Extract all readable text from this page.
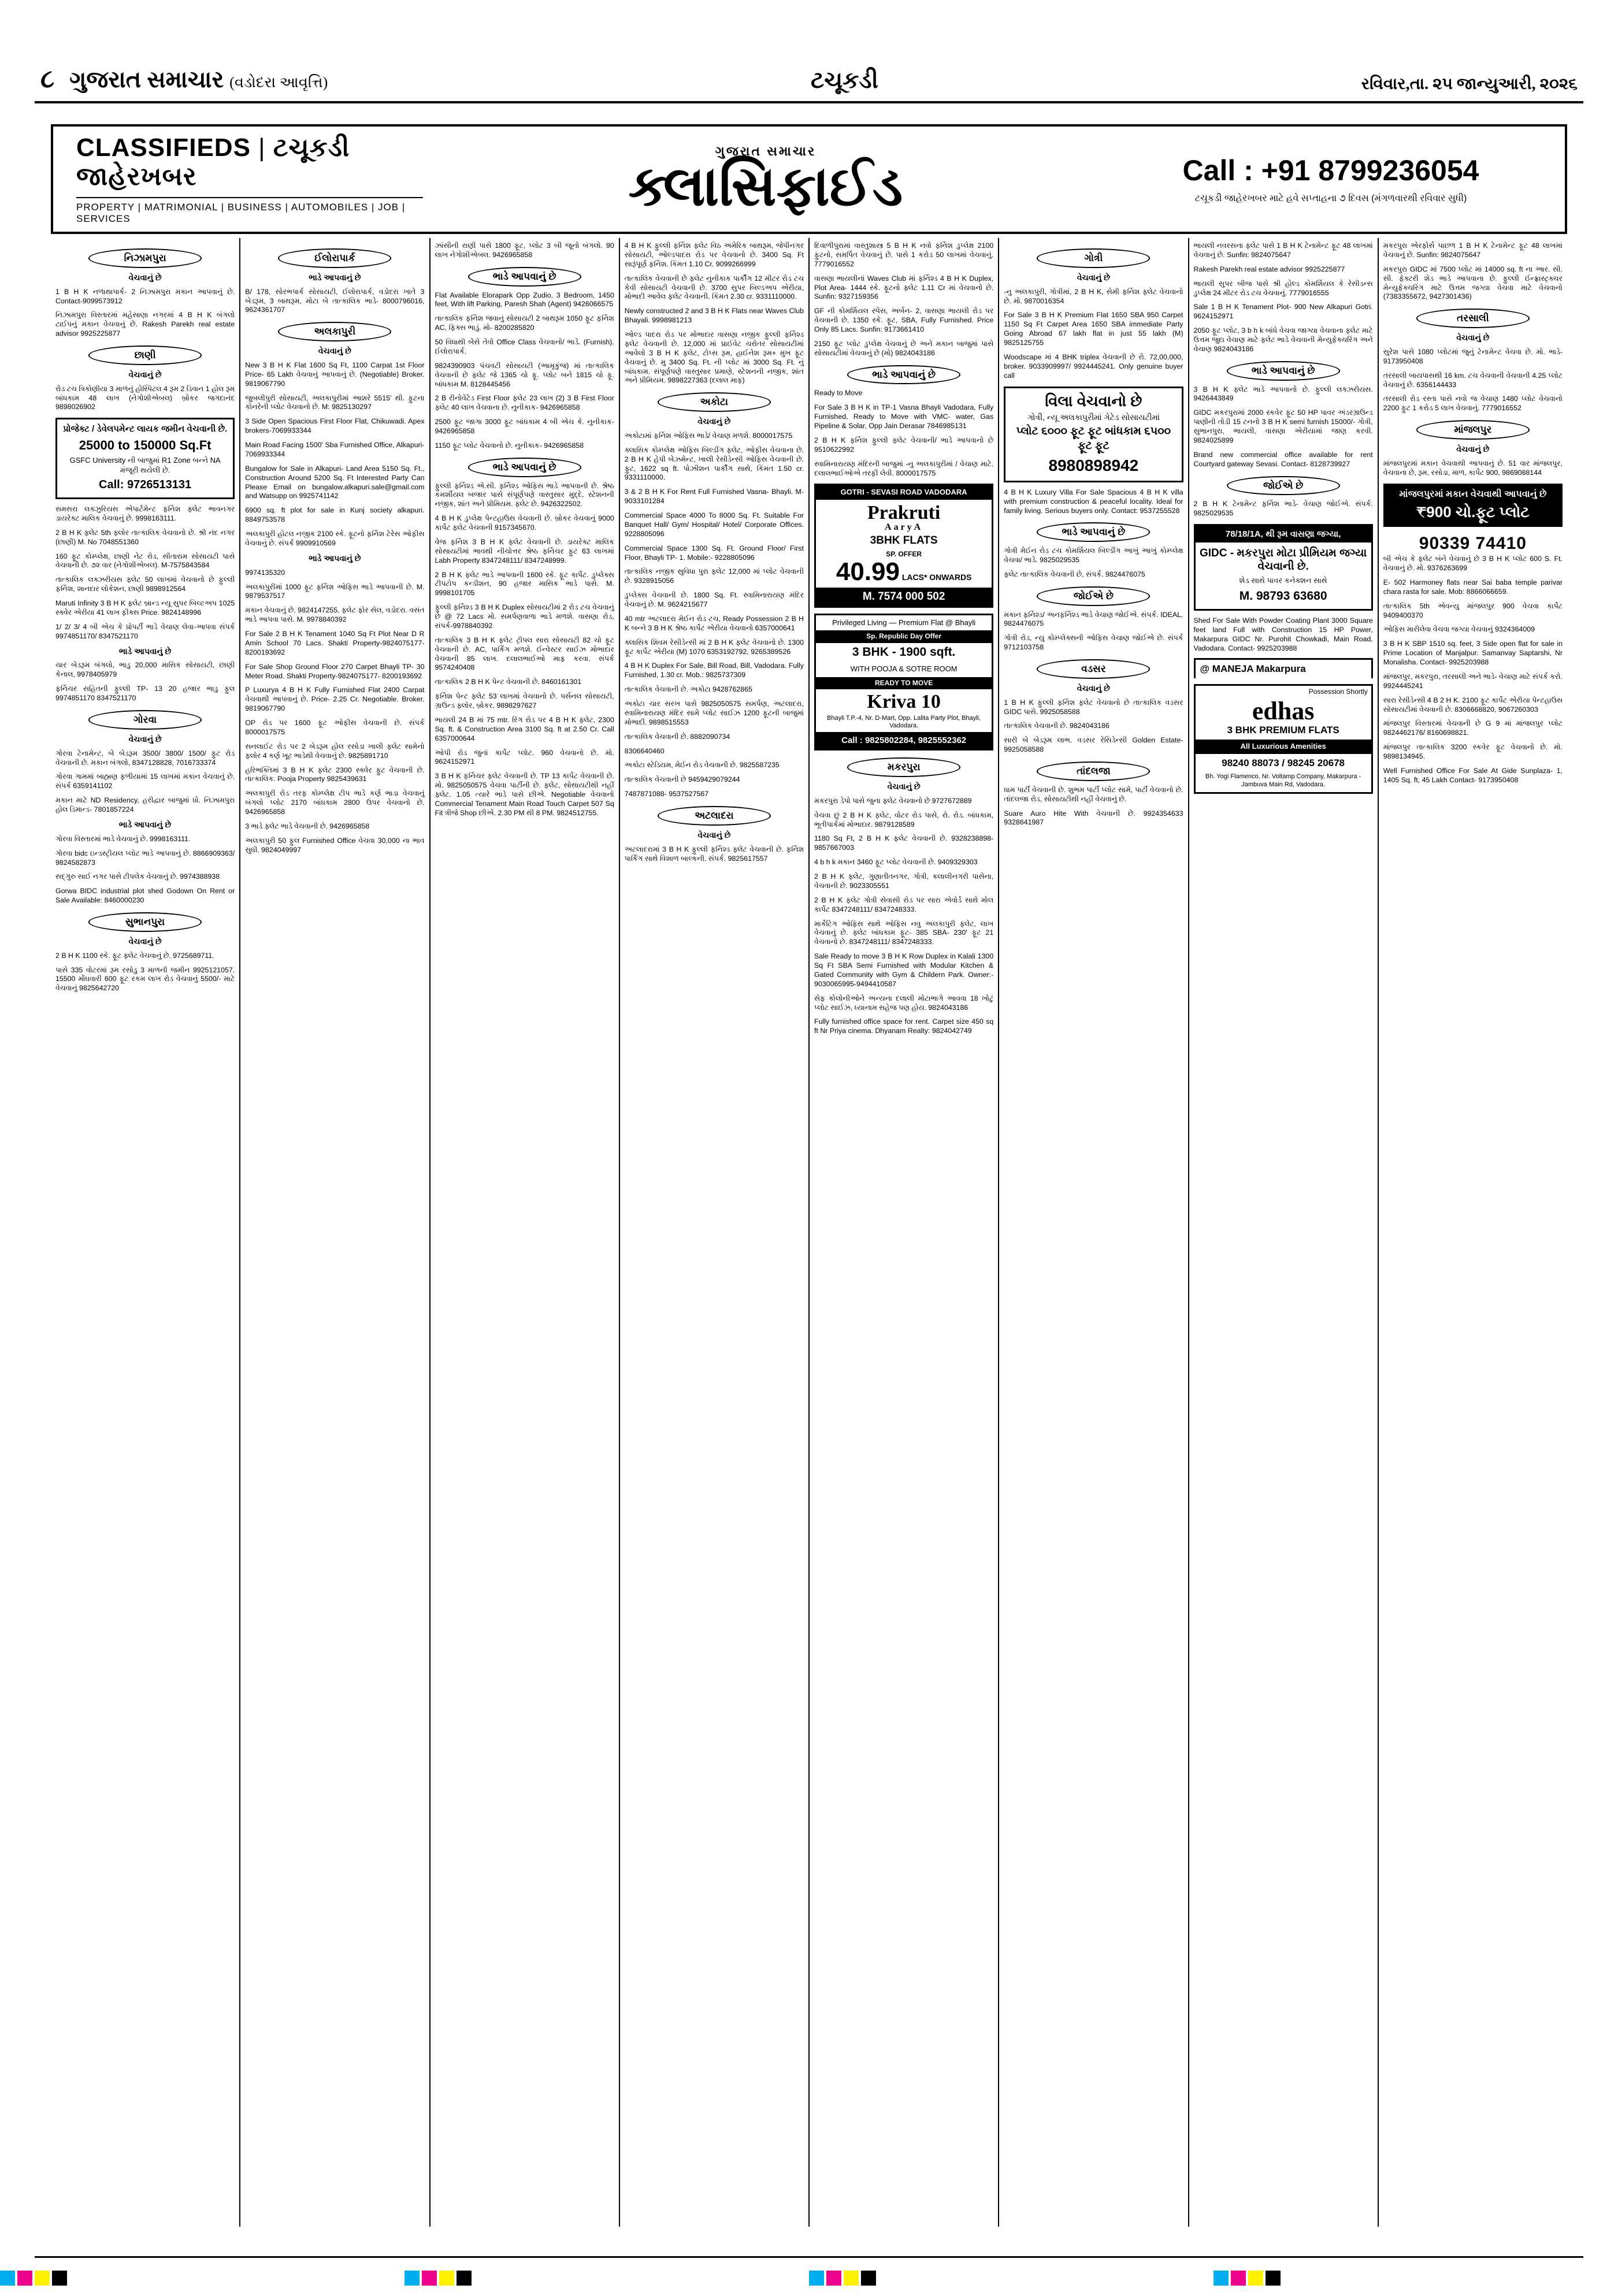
૮ ગુજરાત સમાચાર (વડોદરા આવૃત્તિ)	ટચૂકડી	રવિવાર,તા. ૨૫ જાન્યુઆરી, ૨૦૨૬
CLASSIFIEDS | ટચૂકડી જાહેરખબર
PROPERTY | MATRIMONIAL | BUSINESS | AUTOMOBILES | JOB | SERVICES
ગુજરાત સમાચાર
ક્લાસિફાઈડ	Call : +91 8799236054
ટચૂકડી જાહેરખબર માટે હવે સપ્તાહના ૭ દિવસ (મંગળવારથી રવિવાર સુધી)
નિઝામપુરા
વેચવાનું છે
1 B H K નળાથાપાર્ક- 2 નિઝામપુરા મકાન આપવાનું છે. Contact-9099573912
નિઝામપુરા વિસ્તારમાં મહેસાણા નગરમાં 4 B H K બંગલો ટાઈપનું મકાન વેચવાનું છે. Rakesh Parekh real estate advisor 9925225877
છાણી
વેચવાનું છે
રોડ ટચ ત્રિકોણીયા 3 માળનું હોસ્પિટલ 4 રૂમ 2 ડિવાન 1 હોલ રૂમ બાંધકામ 48 લાખ (નેગોશીએબલ) બ્રોકર જગદાનંદ 9898026902
પ્રોજેક્ટ / ડેવેલપમેન્ટ લાયક જમીન વેચવાની છે.
25000 to 150000 Sq.Ft
GSFC University ની બાજુમાં R1 Zone બન્ને NA મંજૂરી થયેલી છે.
Call: 9726513131
સમસરા લક્ઝુરિયસ એપાર્ટમેન્ટ ફર્નિશ ફ્લેટ ભાવનગર ડાયરેક્ટ માલિક વેચવાનું છે. 9998163111.
2 B H K ફ્લેટ 5th ફ્લોર તાત્કાલિક વેચવાનો છે. શ્રી નંદ નગર (છાણી) M. No 7048551360
160 ફૂટ કોમ્પ્લેક્ષ, છાણી નેટ રોડ, સીતારામ સોસાયટી પાસે વેચવાની છે. ૭૨ વાર (નેગોશીએબલ). M-7575843584
તાત્કાલિક લક્ઝરીયસ ફ્લેટ 50 લાખમાં વેચવાનો છે ફુલ્લી ફર્નિશ, શાનદાર લોકેશન, છાણી 9898912564
Maruti Infinity 3 B H K ફ્લેટ બ્રાન્ડ ન્યૂ સુપર બિલ્ટઅપ 1025 સ્ક્વેર એરીયા 41 લાખ ફીક્સ Price. 9824148996
1/ 2/ 3/ 4 બી એચ કે પ્રોપર્ટી ભાડે વેચાણ લેવા-આપવા સંપર્ક 9974851170/ 8347521170
ભાડે આપવાનું છે
ચાર બેડરૂમ બંગલો, ભાડુ 20,000 માસિક સોસાયટી, છાણી કેનાલ, 9978405979
ફર્નિચર સહિતની ફુલ્લી TP- 13 20 હજાર ભાડુ ફુલ 9974851170 8347521170
ગોરવા
વેચવાનું છે
ગોરવા ટેનામેન્ટ, બે બેડરૂમ 3500/ 3800/ 1500/ ફુટ રોડ વેચવાની છે. મકાન બંગલો, 8347128828, 7016733374
ગોરવા ગામમાં બાહ્મણ ફળીયામાં 15 લાખમાં મકાન વેચવાનું છે. સંપર્ક 6359141102
મકાન માટે ND Residency, હરીદ્વાર બાજુમાં ધો. નિઝામપુરા હોલ ડિમાન્ડ- 7801857224
ભાડે આપવાનું છે
ગોરવા વિસ્તારમાં ભાડે વેચવાનું છે. 9998163111.
ગોરવા bidc ઇન્ડસ્ટ્રીયલ પ્લોટ ભાડે આપવાનું છે. 8866909363/ 9824582873
સદ્ગુરુ સાઈ નગર પાસે ટીપલેક વેચવાનું છે. 9974388938
Gorwa BIDC industrial plot shed Godown On Rent or Sale Available: 8460000230
સુભાનપુરા
વેચવાનું છે
2 B H K 1100 સ્કે. ફૂટ ફ્લેટ વેચવાનું છે. 9725689711.
પાસે 335 વોટરમાં રૂમ રસોડુ 3 માળની જમીન 9925121057. 15500 મોંઘવારી 600 ફૂટ રકમ લાખ રોડ વેચવાનું 5500/- માટે વેચવાનું 9825642720
ઈલોરાપાર્ક
ભાડે આપવાનું છે
B/ 178, સોરભપાર્ક સોસાયટી, ઈલોરાપાર્ક, વડોદરા ખાતે 3 બેડરૂમ, 3 બાથરૂમ, મોટા બે તાત્કાલિક ભાડે- 8000796016, 9624361707
અલકાપુરી
વેચવાનું છે
New 3 B H K Flat 1600 Sq Ft, 1100 Carpat 1st Floor Price- 65 Lakh વેચવાનું આપવાનું છે. (Negotiable) Broker. 9819067790
જુબલીપુરી સોસાયટી, અલકાપુરીમાં આશરે 5515' થી. ફુટના કોનરેની પ્લોટ વેચવાનો છે. M: 9825130297
3 Side Open Spacious First Floor Flat, Chikuwadi. Apex brokers-7069933344
Main Road Facing 1500' Sba Furnished Office, Alkapuri- 7069933344
Bungalow for Sale in Alkapuri- Land Area 5150 Sq. Ft., Construction Around 5200 Sq. Ft Interested Party Can Please Email on bungalow.alkapuri.sale@gmail.com and Watsupp on 9925741142
6900 sq. ft plot for sale in Kunj society alkapuri. 8849753578
અલકાપુરી હોટલ નજીક 2100 સ્કે. ફૂટનો ફર્નિશ ટેરેસ ઓફીસ વેચવાનું છે. સંપર્ક 9909910569
ભાડે આપવાનું છે
9974135320
અલકાપુરીમાં 1000 ફૂટ ફર્નિશ ઓફિસ ભાડે આપવાની છે. M. 9879537517
મકાન વેચવાનું છે. 9824147255, ફ્લેટ ફોર સેલ, વડોદરા. વસંત ભાડે આપવા પાસે. M. 9978840392
For Sale 2 B H K Tenament 1040 Sq Ft Plot Near D R Amin School 70 Lacs. Shakti Property-9824075177- 8200193692
For Sale Shop Ground Floor 270 Carpet Bhayli TP- 30 Meter Road. Shakti Property-9824075177- 8200193692
P Luxurya 4 B H K Fully Furnished Flat 2400 Carpat વેચવાથી આપવાનું છે. Price- 2.25 Cr. Negotiable. Broker. 9819067790
OP રોડ પર 1600 ફૂટ ઓફીસ વેચવાની છે. સંપર્ક 8000017575
સનલાઈટ રોડ પર 2 બેડરૂમ હોલ રસોડા ખાલી ફ્લેટ સામેનો ફ્લોર 4 કર્ણ ખૂટ ભાડેથી વેચવાનું છે. 9825891710
હરિભક્તિમાં 3 B H K ફ્લેટ 2300 સ્ક્વેર ફુટ વેચવાની છે. તાત્કાલિક. Pooja Property 9825439631
અલકાપુરી રોડ તરફ કોમ્પ્લેક્ષ ટીપ ભાડે કર્ણ ભાડા વેચવાનું બંગલો પ્લોટ 2170 બાંધકામ 2800 ઉપર વેચવાનો છે. 9426965858
3 ભાડે ફ્લેટ ભાડે વેચવાની છે. 9426965858
અલકાપુરી 50 ફુલ Furnished Office વેચવા 30,000 ના ભાવ સુધી. 9824049997
ઝાંસીની રાણી પાસે 1800 ફૂટ, પ્લોટ 3 બી જૂનો બંગલો. 90 લાખ નેગોશીએબલ. 9426965858
ભાડે આપવાનું છે
Flat Available Elorapark Opp Zudio, 3 Bedroom, 1450 feet, With lift Parking, Paresh Shah (Agent) 9426066575
તાત્કાલિક ફર્નિશ જવાનું સોસાયટી 2 બાથરૂમ 1050 ફૂટ ફર્નિશ AC, ફિક્સ ભાડું. મો- 8200285820
50 વિધાથી બેસે તેવો Office Class વેચવાનો/ ભાડે. (Furnish). ઈલોરાપાર્ક.
9824390903 પંચવટી સોસાયટી (આમૃકુંજ) માં તાત્કાલિક વેચવાની છે ફ્લેટ જે 1365 ચો ફૂ. પ્લોટ બને 1815 ચો ફૂ. બાંધકામ M. 8128445456
2 B રીનોવેટેડ First Floor ફ્લેટ 23 લાખ (2) 3 B First Floor ફ્લેટ 40 લાખ વેચવાના છે. નુનીકાક- 9426965858
2500 ફૂટ જાગા 3000 ફૂટ બાંધકામ 4 બી એચ કે. નુનીકાક- 9426965858
1150 ફૂટ પ્લોટ વેચવાનો છે. નુનીકાક- 9426965858
ભાડે આપવાનું છે
ફુલ્લી ફર્નિશ્ડ એ.સી. ફર્નિશ્ડ ઓફિસ ભાડે આપવાની છે. શ્રેષ્ઠ કમર્શીયલ બજાર પાસે સંપૂર્ણપણે વાસ્તુસાર મુદ્દે, સ્ટેશનની નજીક, શાંત અને પ્રીમિયમ. ફ્લેટ છે. 9426322502.
4 B H K ડુપ્લેક્ષ પેન્ટહાઉસ વેચવાની છે. બ્રોકર વેચવાનું 9000 કાર્પેટ ફ્લેટ વેચવાની 9157345670.
વેજ ફર્નિશ 3 B H K ફ્લેટ વેચવાની છે. ડાયરેક્ટ માલિક સોસાયટીમાં ભાવથી નીચોત્તર શ્રેષ્ઠ ફર્નિચર ફુટ 63 લાખમાં Labh Property 8347248111/ 8347248999.
2 B H K ફ્લેટ ભાડે આપવાની 1600 સ્કે. ફૂટ કાર્પેટ. ડુપ્લેક્સ ટીપટોપ કન્ડીશન, 90 હજાર માસિક ભાડે પાસે. M. 9998101705
ફુલ્લી ફર્નિશ્ડ 3 B H K Duplex સોસાયટીમાં 2 રોડ ટચ વેચવાનું છે @ 72 Lacs મો. સમર્પણવાળા ભાડે મળશે. વાસણા રોડ, સંપર્ક-9978840392
તાત્કાલિક 3 B H K ફ્લેટ ટ્રીપલ સારા સોસાયટી 82 ચો ફૂટ વેચવાની છે. AC, પાર્કિંગ મળશે. ઈન્વેસ્ટર સાઈઝ મોભાદાર વેચવાની 85 લાખ. દલાલભાઈઓ માફ કરવા. સંપર્ક 9574240408
તાત્કાલિક 2 B H K પેન્ટ વેચવાની છે. 8460161301
ફર્નિશ પેન્ટ ફ્લેટ 53 લાખમાં વેચવાનો છે. પર્સનલ સોસાયટી, ગ્રાઉન્ડ ફ્લોર, બ્રોકર. 9898297627
ભાયલી 24 B માં 75 mtr. રિંગ રોડ પર 4 B H K ફ્લેટ, 2300 Sq. ft. & Construction Area 3100 Sq. ft at 2.50 Cr. Call 6357000644
ઓપી રોડ જુનાં કાર્પેટ પ્લોટ. 960 વેચવાનો છે. મો. 9624152971
3 B H K ફર્નિચર ફ્લેટ વેચવાની છે. TP 13 કાર્પેટ વેચવાની છે. મો. 9825050575 વેચવા પાર્ટીની છે. ફ્લેટ, સોસાયટીથી નહીં ફ્લેટ. 1.05 ત્યારે ભાડે પાસે છીએ. Negotiable વેચવાનો Commercial Tenament Main Road Touch Carpet 507 Sq Fit ત્રીજે Shop છીએ. 2.30 PM થી 8 PM. 9824512755.
4 B H K ફુલ્લી ફર્નિશ ફ્લેટ વિઠ અમેરિક બાથરૂમ, જેપીનગર સોસાયટી, ઓલ્ડપાદરા રોડ પર વેચવાનો છે. 3400 Sq. Ft સારૂંપૂર્ણ ફર્નિશ. કિંમત 1.10 Cr. 9099266999
તાત્કાલિક વેચવાની છે ફ્લેટ નુનીકાક પાર્કીંગ 12 મીટર રોડ ટચ કેવી સોસાયટી વેચવાની છે. 3700 સુપર બિલ્ડઅપ એરીયા, મોભાદી આવેલ ફ્લેટ વેચવાની. કિંમત 2.30 cr. 9331110000.
Newly constructed 2 and 3 B H K Flats near Waves Club Bhayali. 9998981213
ઓલ્ડ પાદરા રોડ પર મોભાદાર વાસણા નજીક ફુલ્લી ફર્નિશ્ડ ફ્લેટ વેચવાની છે. 12,000 માં પ્રાઈવેટ ચરોતર સોસાયટીમાં આવેલો 3 B H K ફ્લેટ, ટોપ્સ રૂમ, હાઈનેશ રૂમ+ મુખ ફૂટ વેચવાનું છે. મુ 3400 Sq. Ft. ની પ્લોટ માં 3000 Sq. Ft. નું બાંધકામ. સંપૂર્ણપણે વાસ્તુસાર પ્રમાણે, સ્ટેશનની નજીક, શાંત અને પ્રીમિયમ. 9898227363 (દલાલ માફ)
અકોટા
વેચવાનું છે
અકોટામાં ફર્નિશ ઓફિસ ભાડે/ વેચાણ મળશે. 8000017575
ક્લાસિક કોમ્પ્લેક્ષ ઓફિસ બિલ્ડીંગ ફ્લેટ, ઓફીસ વેચવાના છે. 2 B H K હેપી બેઝમેન્ટ, ખાલી રેસીડેન્સી ઓફિસ વેચવાની છે. ફુટ, 1622 sq ft. પોઝીશન પાર્કીંગ સાથે, કિંમત 1.50 cr. 9331110000.
3 & 2 B H K For Rent Full Furnished Vasna- Bhayli. M- 9033101284
Commercial Space 4000 To 8000 Sq. Ft. Suitable For Banquet Hall/ Gym/ Hospital/ Hotel/ Corporate Offices. 9228805096
Commercial Space 1300 Sq. Ft. Ground Floor/ First Floor, Bhayli TP- 1. Mobile:- 9228805096
તાત્કાલિક નજીક સુવિધા પુરા ફ્લેટ 12,000 માં પ્લોટ વેચવાની છે. 9328915056
ડુપ્લેક્સ વેચવાની છે. 1800 Sq. Ft. સ્વામિનારાયણ મંદિર વેચવાનું છે. M. 9624215677
40 mtr અટલાદરા મેઈન રોડ ટચ, Ready Possession 2 B H K બન્ને 3 B H K શ્રેષ્ઠ કાર્પેટ એરીયા વેચવાનો 6357000641
ક્લાસિક શિવમ રેસીડેન્સી માં 2 B H K ફ્લેટ વેચવાનો છે. 1300 ફૂટ કાર્પેટ એરીયા (M) 1070 6353192792, 9265389526
4 B H K Duplex For Sale, Bill Road, Bill, Vadodara. Fully Furnished, 1.30 cr. Mob.: 9825737309
તાત્કાલિક વેચવાની છે. અકોટા 9428762865
અકોટા ચાર સરખ પાસે 9825050575 સમર્પણ, અટલાદરા, સ્વામિનારાયણ મંદિર સામે પ્લોટ સાઈઝ 1200 ફૂટની બાજુમાં મોભાદી. 9898515553
તાત્કાલિક વેચવાની છે. 8882090734
8306640460
અકોટા સ્ટેડિયમ, મેઈન રોડ વેચવાની છે. 9825587235
તાત્કાલિક વેચવાની છે 9459429079244
7487871088- 9537527567
અટલાદરા
વેચવાનું છે
અટલાદરામાં 3 B H K ફુલ્લી ફર્નિશ્ડ ફ્લેટ વેચવાની છે. ફર્નિશ પાર્કિંગ સાથે વિશાળ બાલ્કની. સંપર્ક. 9825617557
દિવાળીપુરામાં વાસ્તુશાસ્ત્ર 5 B H K નવો ફર્નિશ ડુપ્લેક્ષ 2100 ફુટનો, સમર્પિત વેચવાનું છે. પાસે 1 કરોડ 50 લાખમાં વેચવાનું. 7779016552
વાસણા ભાયલીનાં Waves Club માં ફર્નિશ્ડ 4 B H K Duplex, Plot Area- 1444 સ્કે. ફૂટનો ફ્લેટ 1.11 Cr માં વેચવાનો છે. Sunfin: 9327159356
GF ની કોમર્શિયલ સ્પેસ, અર્બન- 2, વાસણા ભાયલી રોડ પર વેચવાની છે. 1350 સ્કે. ફૂટ, SBA, Fully Furnished. Price Only 85 Lacs. Sunfin: 9173661410
2150 ફૂટ પ્લોટ ડુપ્લેક્ષ વેચવાનું છે અને મકાન બાજુમાં પાસે સોસાયટીમાં વેચવાનું છે (મો) 9824043186
ભાડે આપવાનું છે
Ready to Move
For Sale 3 B H K in TP-1 Vasna Bhayli Vadodara, Fully Furnished, Ready to Move with VMC- water, Gas Pipeline & Solar, Opp Jain Derasar 7846985131
2 B H K ફર્નિશ ફુલ્લી ફ્લેટ વેચવાની/ ભાડે આપવાનો છે 9510622992
સ્વામિનારાયણ મંદિરની બાજુમાં -નુ અલકાપુરીમાં / વેચાણ માટે. દલાલભાઈઓએ તરફી લેવી. 8000017575
GOTRI - SEVASI ROAD VADODARA
Prakruti
AaryA
3BHK FLATS
SP. OFFER
40.99 LACS* ONWARDS
M. 7574 000 502
Privileged Living — Premium Flat @ Bhayli
Sp. Republic Day Offer
3 BHK - 1900 sqft.
WITH POOJA & SOTRE ROOM
READY TO MOVE
Kriva 10
Bhayli T.P.-4, Nr. D-Mart, Opp. Lalita Party Plot, Bhayli, Vadodara.
Call : 9825802284, 9825552362
મકરપુરા
વેચવાનું છે
મકરપુરા ડેપો પાસે જુના ફ્લેટ વેચવાનો છે 9727672889
વેચવા છું 2 B H K ફ્લેટ, વોટર રોડ પાસે, રો. રોડ. બાંધકામ, ભૂતીપાર્કમાં મોભાદાર. 9879128589
1180 Sq Ft, 2 B H K ફ્લેટ વેચવાની છે. 9328238898- 9857667003
4 b h k મકાન 3460 ફૂટ પ્લોટ વેચવાની છે. 9409329303
2 B H K ફ્લેટ, ગુણાતીતનગર, ગોત્રી, કલાલીનગરી પાસેના, વેચવાની છે. 9023305551
2 B H K ફ્લેટ ગોત્રી સેવાસી રોડ પર સારા એવોર્ડ સાથે મોલ કાર્પેટ 8347248111/ 8347248333.
માર્કેટિંગ ઓફિસ સાથે ઓફિસ નવુ અલકાપુરી ફ્લેટ, લાખ વેચવાનું છે. ફ્લેટ બાંધકામ ફૂટ- 385 SBA- 230' ફૂટ 21 વેચવાનો છે. 8347248111/ 8347248333.
Sale Ready to move 3 B H K Row Duplex in Kalali 1300 Sq Ft SBA Semi Furnished with Modular Kitchen & Gated Community with Gym & Childern Park. Owner:- 9030065995-9494410587
સેફ કોલોનીઓને અન્યના દલાલી મોટાભાગે આવવા 18 ખોટું પ્લોટ સાઈઝ, ધ્યાનામ સહેજ પણ હોય. 9824043186
Fully furnished office space for rent. Carpet size 450 sq ft Nr Priya cinema. Dhyanam Realty: 9824042749
ગોત્રી
વેચવાનું છે
-નુ અલકાપુરી, ગોત્રીમાં, 2 B H K, સેમી ફર્નિશ ફ્લેટ વેચવાનો છે. મો. 9870016354
For Sale 3 B H K Premium Flat 1650 SBA 950 Carpet 1150 Sq Ft Carpet Area 1650 SBA immediate Party Going Abroad 67 lakh flat in just 55 lakh (M) 9825125755
Woodscape માં 4 BHK triplex વેચવાની છે રો. 72,00,000, broker. 9033909997/ 9924445241. Only genuine buyer call
વિલા વેચવાનો છે
ગોત્રી, ન્યૂ અલકાપુરીમાં ગેટેડ સોસાયટીમાં
પ્લોટ ૬૦૦૦ ફૂટ ફૂટ બાંધકામ ૬૫૦૦ ફૂટ ફૂટ
8980898942
4 B H K Luxury Villa For Sale Spacious 4 B H K villa with premium construction & peaceful locality. Ideal for family living. Serious buyers only. Contact: 9537255528
ભાડે આપવાનું છે
ગોત્રી મેઈન રોડ ટચ કોમર્શિયલ બિલ્ડીંગ આખું આખું કોમ્પ્લેક્ષ વેચવા/ ભાડે. 9825029535
ફ્લેટ તાત્કાલિક વેચવાની છે, સંપર્ક. 9824476075
જોઈએ છે
મકાન ફર્નિશ્ડ/ અનફર્નિશ્ડ ભાડે વેચાણ જોઈએ. સંપર્ક. IDEAL. 9824476075
ગોત્રી રોડ, ન્યુ કોમ્પ્લેક્સની ઓફિસ વેચાણ જોઈએ છે. સંપર્ક 9712103758
વડસર
વેચવાનું છે
1 B H K ફુલ્લી ફર્નિશ ફ્લેટ વેચવાનો છે તાત્કાલિક વડસર GIDC પાસે. 9925058588
તાત્કાલિક વેચવાની છે. 9824043186
સારી બે બેડરૂમ લાભ. વડસર રેસિડેન્સી Golden Estate- 9925058588
તાંદલજા
ધામ પાર્ટી વેચવાની છે. શુભમ પાર્ટી પ્લોટ સામે, પાર્ટી વેચવાનો છે. તાંદલજા રોડ, સોસાયટીથી નહીં વેચવાનું છે.
Suare Auro Hite With વેચવાની છે. 9924354633 9328641987
ભાયલી નવરસના ફ્લેટ પાસે 1 B H K ટેનામેન્ટ ફૂટ 48 લાખમાં વેચવાનું છે. Sunfin: 9824075647
Rakesh Parekh real estate advisor 9925225877
ભાયલી સુપર બીજ પાસે શ્રી હોલ્ડ કોમર્શિયલ કે રેસીડન્સ ડુપ્લેક્ષ 24 મીટર રોડ ટચ વેચવાનું. 7779016555
Sale 1 B H K Tenament Plot- 900 New Alkapuri Gotri. 9624152971
2050 ફૂટ પ્લોટ, 3 b h k બાંધે વેચવા જાગ્યા વેચવાના ફ્લેટ માટે ઉત્તમ જુદા વેચાણ માટે ફ્લેટ ભાડે વેચવાની મેન્યુફેક્ચરિંગ અને વેચાણ 9824043186
ભાડે આપવાનું છે
3 B H K ફ્લેટ ભાડે આપવાનો છે. ફુલ્લી લક્ઝરીયસ. 9426443849
GIDC મકરપુરામાં 2000 સ્કવેર ફૂટ 50 HP પાવર અંડરગ્રાઉન્ડ પાણીની તોડી 15 ટનનો 3 B H K semi furnish 15000/- ગોત્રી, સુભાનપુરા, ભાયલી, વાસણા એરીયામાં જાણ કરવી. 9824025899
Brand new commercial office available for rent Courtyard gateway Sevasi. Contact- 8128739927
જોઈએ છે
2 B H K ટેનામેન્ટ ફર્નિશ ભાડે- વેચાણ જોઈએ. સંપર્ક. 9825029535
78/18/1A, થી રૂમ વાસણા જગ્યા,
GIDC - મકરપુરા મોટા પ્રીમિયમ જગ્યા વેચવાની છે.
શેડ સાથે પાવર કનેક્શન સાથે
M. 98793 63680
Shed For Sale With Powder Coating Plant 3000 Square feet land Full with Construction 15 HP Power, Makarpura GIDC Nr. Purohit Chowkadi, Main Road, Vadodara. Contact- 9925203988
@ MANEJA Makarpura
Possession Shortly
edhas
3 BHK PREMIUM FLATS
All Luxurious Amenities
98240 88073 / 98245 20678
Bh. Yogi Flamenco, Nr. Voltamp Company, Makarpura - Jambuva Main Rd, Vadodara.
મકરપુરા એરફોર્સ પાછળ 1 B H K ટેનામેન્ટ ફૂટ 48 લાખમાં વેચવાનું છે. Sunfin: 9824075647
મકરપુરા GIDC માં 7500 પ્લોટ માં 14000 sq. ft ના આર. સી. સી. ફેક્ટરી શેડ ભાડે આપવાના છે. ફુલ્લી ઈન્ફ્રાસ્ટ્રક્ચર મેન્યુફેક્ચરિંગ માટે ઉત્તમ જગ્યા વેચવા માટે વેચવાનો (7383355672, 9427301436)
તરસાલી
વેચવાનું છે
સુરેશ પાસે 1080 પ્લોટમાં જુનું ટેનામેન્ટ વેચવા છે. મો. ભાડે- 9173950408
તરસાલી બાયપાસથી 16 km. ટચ વેચવાની વેચવાની 4.25 પ્લોટ વેચવાનું છે. 6356144433
તરસાલી રોડ રસ્તા પાસે નવો જ વેચાણ 1480 પ્લોટ વેચવાનો 2200 ફુટ 1 કરોડ 5 લાખ વેચવાનું. 7779016552
માંજલપુર
વેચવાનું છે
માંજલપુરમાં મકાન વેચવાથી આપવાનું છે. 51 વાર માંજલપુર, વેચવાના છે, રૂમ, રસોડા, માળ, કાર્પેટ 900, 9869088144
માંજલપુરમાં મકાન વેચવાથી આપવાનું છે
₹900 ચો.ફૂટ પ્લોટ
90339 74410
બી એચ કે ફ્લેટ બંને વેચવાનું છે 3 B H K પ્લોટ 600 S. Ft. વેચવાનું છે. મો. 9376263699
E- 502 Harmoney flats near Sai baba temple parivar chara rasta for sale. Mob: 8866066659.
તાત્કાલિક 5th એવન્યુ માંજલપુર 900 વેચવા કાર્પેટ 9409400370
ઓફિસ મારીલેવા વેચવા જગ્યા વેચવાનું 9324364009
3 B H K SBP 1510 sq. feet, 3 Side open flat for sale in Prime Location of Manjalpur. Samanvay Saptarshi, Nr Monalisha. Contact- 9925203988
માંજલપુર, મકરપુરા, તરસાલી અને ભાડે- વેચાણ માટે સંપર્ક કરો. 9924445241
સારા રેસીડેન્સી 4 B 2 H K. 2100 ફૂટ કાર્પેટ એરીયા પેન્ટહાઉસ સોસાયટીમાં વેચવાની છે. 8306668820, 9067260303
માંજલપુર વિસ્તારમાં વેચવાની છે G 9 માં માંજલપુર પ્લોટ 9824462176/ 8160698821.
માંજલપુર તાત્કાલિક 3200 સ્કવેર ફૂટ વેચવાનો છે. મો. 9898134945.
Well Furnished Office For Sale At Gide Sunplaza- 1, 1405 Sq. ft, 45 Lakh Contact- 9173950408
